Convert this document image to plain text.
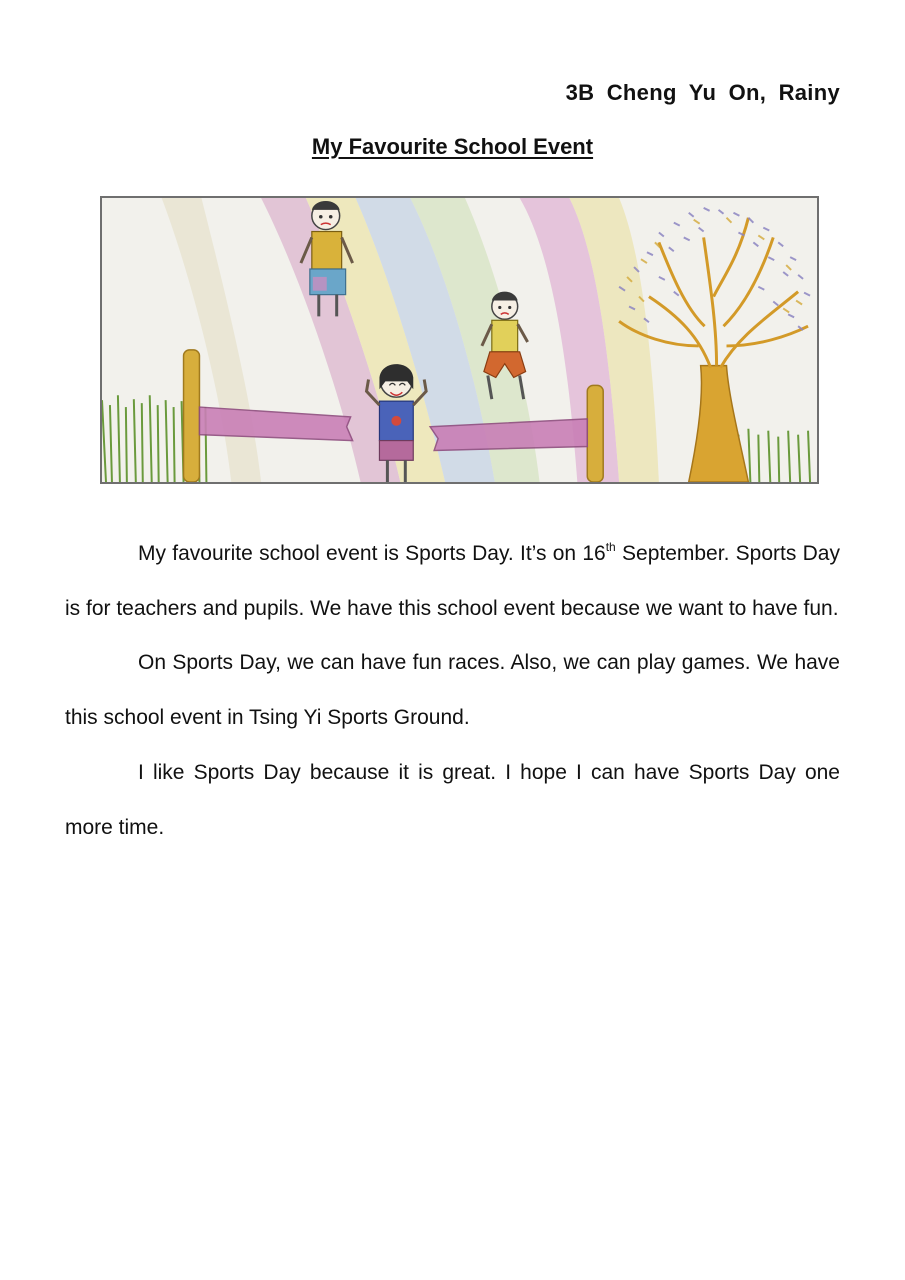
3B Cheng Yu On, Rainy
My Favourite School Event

My favourite school event is Sports Day. It’s on 16th September. Sports Day is for teachers and pupils. We have this school event because we want to have fun.

On Sports Day, we can have fun races. Also, we can play games. We have this school event in Tsing Yi Sports Ground.

I like Sports Day because it is great. I hope I can have Sports Day one more time.
